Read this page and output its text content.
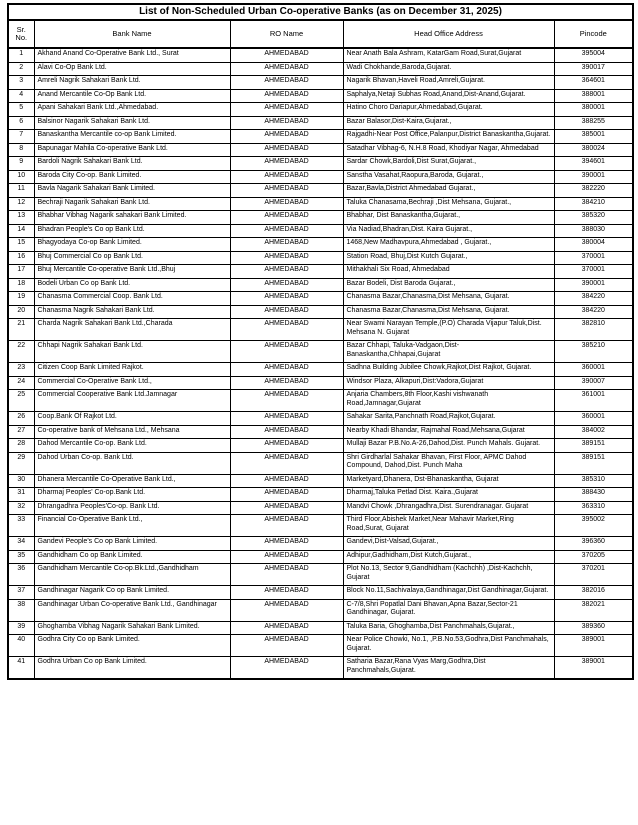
List of Non-Scheduled Urban Co-operative Banks (as on December 31, 2025)				
Sr. No.	Bank Name	RO Name	Head Office Address	Pincode
1	Akhand Anand Co-Operative Bank Ltd., Surat	AHMEDABAD	Near Anath Bala Ashram, KatarGam Road,Surat,Gujarat	395004
2	Alavi Co-Op Bank Ltd.	AHMEDABAD	Wadi Chokhande,Baroda,Gujarat.	390017
3	Amreli Nagrik Sahakari Bank Ltd.	AHMEDABAD	Nagarik Bhavan,Haveli Road,Amreli,Gujarat.	364601
4	Anand Mercantile Co-Op Bank Ltd.	AHMEDABAD	Saphalya,Netaji Subhas Road,Anand,Dist-Anand,Gujarat.	388001
5	Apani Sahakari Bank Ltd.,Ahmedabad.	AHMEDABAD	Hatino Choro Dariapur,Ahmedabad,Gujarat.	380001
6	Balsinor Nagarik Sahakari Bank Ltd.	AHMEDABAD	Bazar Balasor,Dist-Kaira,Gujarat.,	388255
7	Banaskantha Mercantile co-op Bank Limited.	AHMEDABAD	Rajgadhi-Near Post Office,Palanpur,District Banaskantha,Gujarat.	385001
8	Bapunagar Mahila Co-operative Bank Ltd.	AHMEDABAD	Satadhar Vibhag-6, N.H.8 Road, Khodiyar Nagar, Ahmedabad	380024
9	Bardoli Nagrik Sahakari Bank Ltd.	AHMEDABAD	Sardar Chowk,Bardoli,Dist Surat,Gujarat.,	394601
10	Baroda City Co-op. Bank Limited.	AHMEDABAD	Sanstha Vasahat,Raopura,Baroda, Gujarat.,	390001
11	Bavla Nagarik Sahakari Bank Limited.	AHMEDABAD	Bazar,Bavla,District Ahmedabad Gujarat.,	382220
12	Bechraji Nagarik Sahakari Bank Ltd.	AHMEDABAD	Taluka Chanasama,Bechraji ,Dist Mehsana, Gujarat.,	384210
13	Bhabhar Vibhag Nagarik sahakari Bank Limited.	AHMEDABAD	Bhabhar, Dist Banaskantha,Gujarat.,	385320
14	Bhadran People's Co op Bank Ltd.	AHMEDABAD	Via Nadiad,Bhadran,Dist. Kaira Gujarat.,	388030
15	Bhagyodaya Co-op Bank Limited.	AHMEDABAD	1468,New Madhavpura,Ahmedabad , Gujarat.,	380004
16	Bhuj Commercial Co op Bank Ltd.	AHMEDABAD	Station Road, Bhuj,Dist Kutch Gujarat.,	370001
17	Bhuj Mercantile Co-operative Bank Ltd.,Bhuj	AHMEDABAD	Mithakhali Six Road, Ahmedabad	370001
18	Bodeli Urban Co op Bank Ltd.	AHMEDABAD	Bazar Bodeli, Dist Baroda Gujarat.,	390001
19	Chanasma Commercial Coop. Bank Ltd.	AHMEDABAD	Chanasma Bazar,Chanasma,Dist Mehsana, Gujarat.	384220
20	Chanasma Nagrik Sahakari Bank Ltd.	AHMEDABAD	Chanasma Bazar,Chanasma,Dist Mehsana, Gujarat.	384220
21	Charda Nagrik Sahakari Bank Ltd.,Charada	AHMEDABAD	Near Swami Narayan Temple,(P.O) Charada Vijapur Taluk,Dist. Mehsana N. Gujarat	382810
22	Chhapi Nagrik Sahakari Bank Ltd.	AHMEDABAD	Bazar Chhapi, Taluka-Vadgaon,Dist-Banaskantha,Chhapai,Gujarat	385210
23	Citizen Coop Bank Limited Rajkot.	AHMEDABAD	Sadhna Building Jubilee Chowk,Rajkot,Dist Rajkot, Gujarat.	360001
24	Commercial Co-Operative Bank Ltd.,	AHMEDABAD	Windsor Plaza, Alkapuri,Dist:Vadora,Gujarat	390007
25	Commercial Cooperative Bank Ltd.Jamnagar	AHMEDABAD	Anjaria Chambers,8th Floor,Kashi vishwanath Road,Jamnagar,Gujarat	361001
26	Coop.Bank Of Rajkot Ltd.	AHMEDABAD	Sahakar Sarita,Panchnath Road,Rajkot,Gujarat.	360001
27	Co-operative bank of Mehsana Ltd., Mehsana	AHMEDABAD	Nearby Khadi Bhandar, Rajmahal Road,Mehsana,Gujarat	384002
28	Dahod Mercantile Co-op. Bank Ltd.	AHMEDABAD	Mullaji Bazar P.B.No.A-26,Dahod,Dist. Punch Mahals. Gujarat.	389151
29	Dahod Urban Co-op. Bank Ltd.	AHMEDABAD	Shri Girdharlal Sahakar Bhavan, First Floor, APMC Dahod Compound, Dahod,Dist. Punch Maha	389151
30	Dhanera Mercantile Co-Operative Bank Ltd.,	AHMEDABAD	Marketyard,Dhanera, Dst-Bhanaskantha, Gujarat	385310
31	Dharmaj Peoples' Co-op.Bank Ltd.	AHMEDABAD	Dharmaj,Taluka Petlad Dist. Kaira.,Gujarat	388430
32	Dhrangadhra Peoples'Co-op. Bank Ltd.	AHMEDABAD	Mandvi Chowk ,Dhrangadhra,Dist. Surendranagar. Gujarat	363310
33	Financial Co-Operative Bank Ltd.,	AHMEDABAD	Third Floor,Abishek Market,Near Mahavir Market,Ring Road,Surat, Gujarat	395002
34	Gandevi People's Co op Bank Limited.	AHMEDABAD	Gandevi,Dist-Valsad,Gujarat.,	396360
35	Gandhidham Co op Bank Limited.	AHMEDABAD	Adhipur,Gadhidham,Dist Kutch,Gujarat.,	370205
36	Gandhidham Mercantile Co-op.Bk.Ltd.,Gandhidham	AHMEDABAD	Plot No.13, Sector 9,Gandhidham (Kachchh) ,Dist-Kachchh, Gujarat	370201
37	Gandhinagar Nagarik Co op Bank Limited.	AHMEDABAD	Block No.11,Sachivalaya,Gandhinagar,Dist Gandhinagar,Gujarat.	382016
38	Gandhinagar Urban Co-operative Bank Ltd., Gandhinagar	AHMEDABAD	C-7/8,Shri Popatlal Dani Bhavan,Apna Bazar,Sector-21 Gandhinagar, Gujarat.	382021
39	Ghoghamba Vibhag Nagarik Sahakari Bank Limited.	AHMEDABAD	Taluka Baria, Ghoghamba,Dist Panchmahals,Gujarat.,	389360
40	Godhra City Co op Bank Limited.	AHMEDABAD	Near Police Chowki, No.1, ,P.B.No.53,Godhra,Dist Panchmahals, Gujarat.	389001
41	Godhra Urban Co op Bank Limited.	AHMEDABAD	Satharia Bazar,Rana Vyas Marg,Godhra,Dist Panchmahals,Gujarat.	389001
